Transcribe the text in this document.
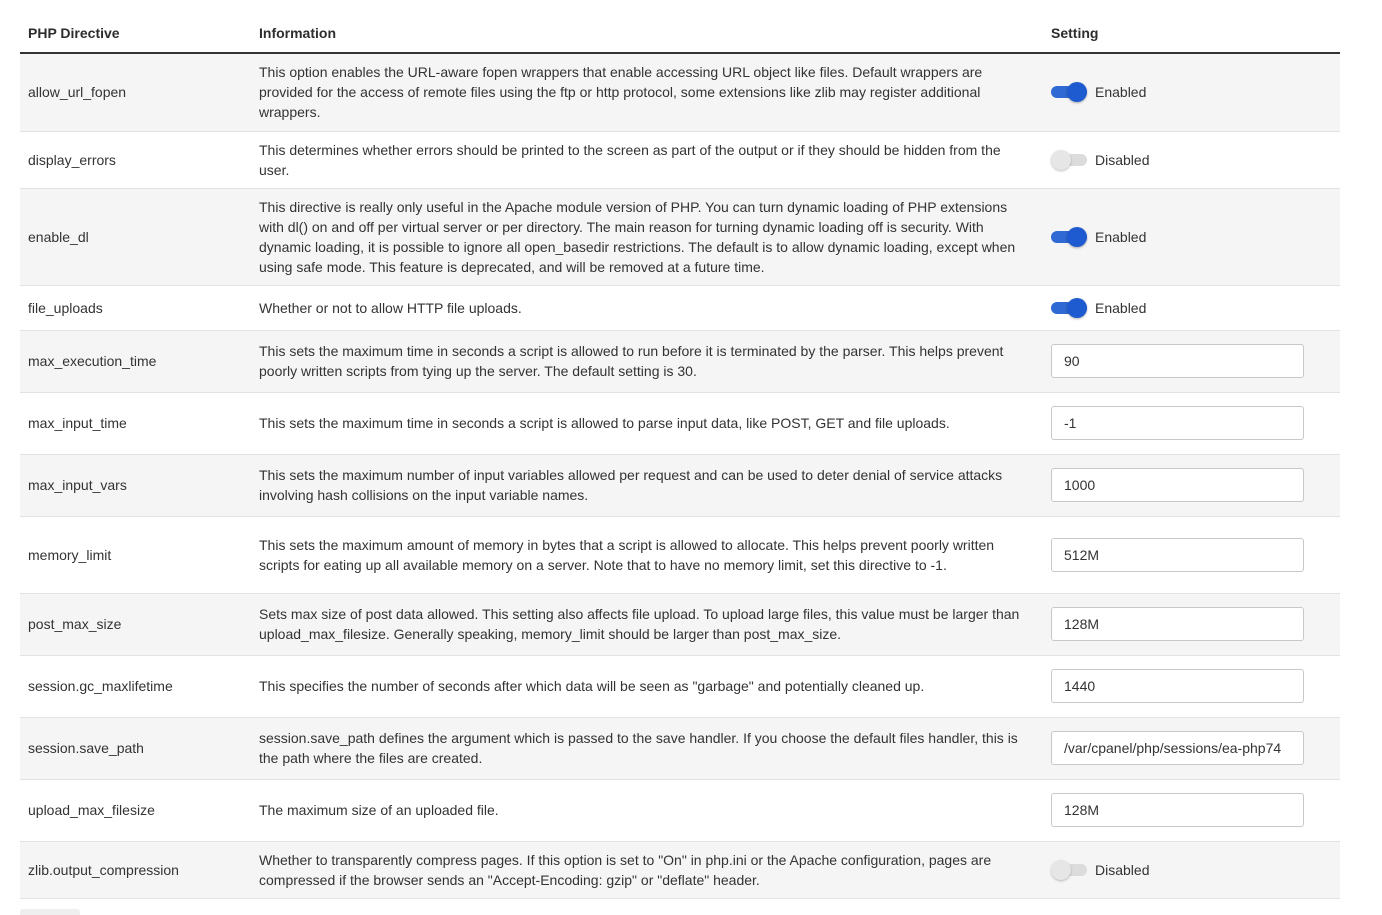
PHP Directive	Information	Setting
allow_url_fopen	This option enables the URL-aware fopen wrappers that enable accessing URL object like files. Default wrappers are provided for the access of remote files using the ftp or http protocol, some extensions like zlib may register additional wrappers.	Enabled

display_errors	This determines whether errors should be printed to the screen as part of the output or if they should be hidden from the user.	Disabled

enable_dl	This directive is really only useful in the Apache module version of PHP. You can turn dynamic loading of PHP extensions with dl() on and off per virtual server or per directory. The main reason for turning dynamic loading off is security. With dynamic loading, it is possible to ignore all open_basedir restrictions. The default is to allow dynamic loading, except when using safe mode. This feature is deprecated, and will be removed at a future time.	Enabled

file_uploads	Whether or not to allow HTTP file uploads.	Enabled

max_execution_time	This sets the maximum time in seconds a script is allowed to run before it is terminated by the parser. This helps prevent poorly written scripts from tying up the server. The default setting is 30.	90
max_input_time	This sets the maximum time in seconds a script is allowed to parse input data, like POST, GET and file uploads.	-1
max_input_vars	This sets the maximum number of input variables allowed per request and can be used to deter denial of service attacks involving hash collisions on the input variable names.	1000
memory_limit	This sets the maximum amount of memory in bytes that a script is allowed to allocate. This helps prevent poorly written scripts for eating up all available memory on a server. Note that to have no memory limit, set this directive to -1.	512M
post_max_size	Sets max size of post data allowed. This setting also affects file upload. To upload large files, this value must be larger than upload_max_filesize. Generally speaking, memory_limit should be larger than post_max_size.	128M
session.gc_maxlifetime	This specifies the number of seconds after which data will be seen as "garbage" and potentially cleaned up.	1440
session.save_path	session.save_path defines the argument which is passed to the save handler. If you choose the default files handler, this is the path where the files are created.	/var/cpanel/php/sessions/ea-php74
upload_max_filesize	The maximum size of an uploaded file.	128M
zlib.output_compression	Whether to transparently compress pages. If this option is set to "On" in php.ini or the Apache configuration, pages are compressed if the browser sends an "Accept-Encoding: gzip" or "deflate" header.	Disabled
